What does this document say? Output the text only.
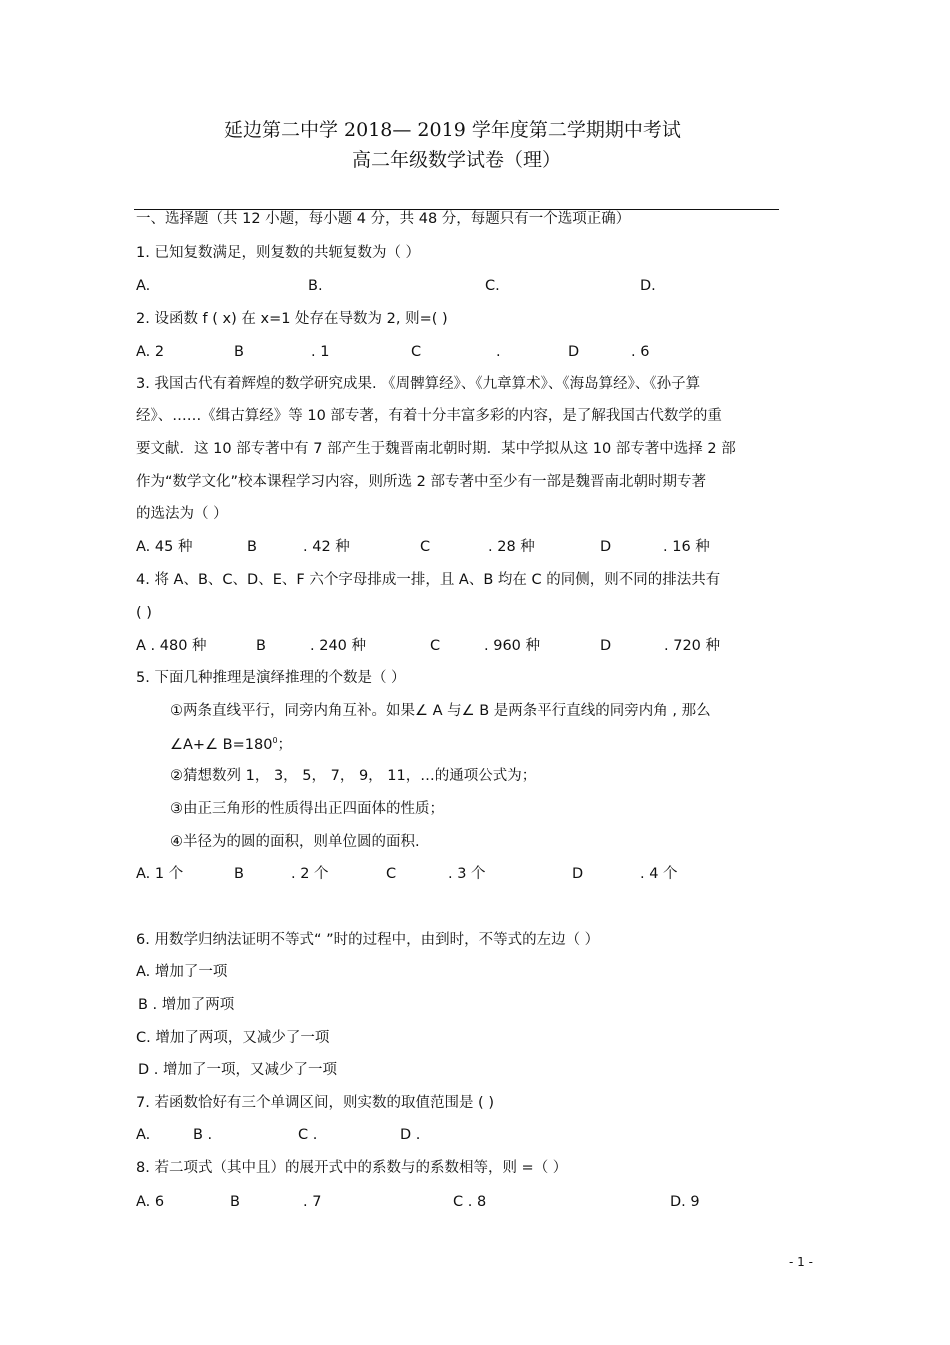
延边第二中学 2018— 2019 学年度第二学期期中考试
高二年级数学试卷（理）
一、选择题（共 12 小题，每小题 4 分，共 48 分，每题只有一个选项正确）
1. 已知复数满足，则复数的共轭复数为（ ）
A.	B.	C.	D.
2. 设函数 f ( x) 在 x=1 处存在导数为 2, 则=( )
A. 2	B	. 1	C	.	D	. 6
3. 我国古代有着辉煌的数学研究成果. 《周髀算经》、《九章算术》、《海岛算经》、《孙子算
经》、……《缉古算经》等 10 部专著，有着十分丰富多彩的内容，是了解我国古代数学的重
要文献．这 10 部专著中有 7 部产生于魏晋南北朝时期．某中学拟从这 10 部专著中选择 2 部
作为“数学文化”校本课程学习内容，则所选 2 部专著中至少有一部是魏晋南北朝时期专著
的选法为（ ）
A. 45 种	B	. 42 种	C	. 28 种	D	. 16 种
4. 将 A、B、C、D、E、F 六个字母排成一排，且 A、B 均在 C 的同侧，则不同的排法共有
( )
A . 480 种	B	. 240 种	C	. 960 种	D	. 720 种
5. 下面几种推理是演绎推理的个数是（ ）
①两条直线平行，同旁内角互补。如果∠ A 与∠ B 是两条平行直线的同旁内角 , 那么
∠A+∠ $B=180^0$；
②猜想数列 1， 3， 5， 7， 9， 11，…的通项公式为；
③由正三角形的性质得出正四面体的性质；
④半径为的圆的面积，则单位圆的面积.
A. 1 个	B	. 2 个	C	. 3 个	D	. 4 个
6. 用数学归纳法证明不等式“ ”时的过程中，由到时，不等式的左边（ ）
A. 增加了一项
B . 增加了两项
C. 增加了两项，又减少了一项
D . 增加了一项，又减少了一项
7. 若函数恰好有三个单调区间，则实数的取值范围是 ( )
A.	B .	C .	D .
8. 若二项式（其中且）的展开式中的系数与的系数相等，则 =（ ）
A. 6	B	. 7	C . 8	D. 9
- 1 -
